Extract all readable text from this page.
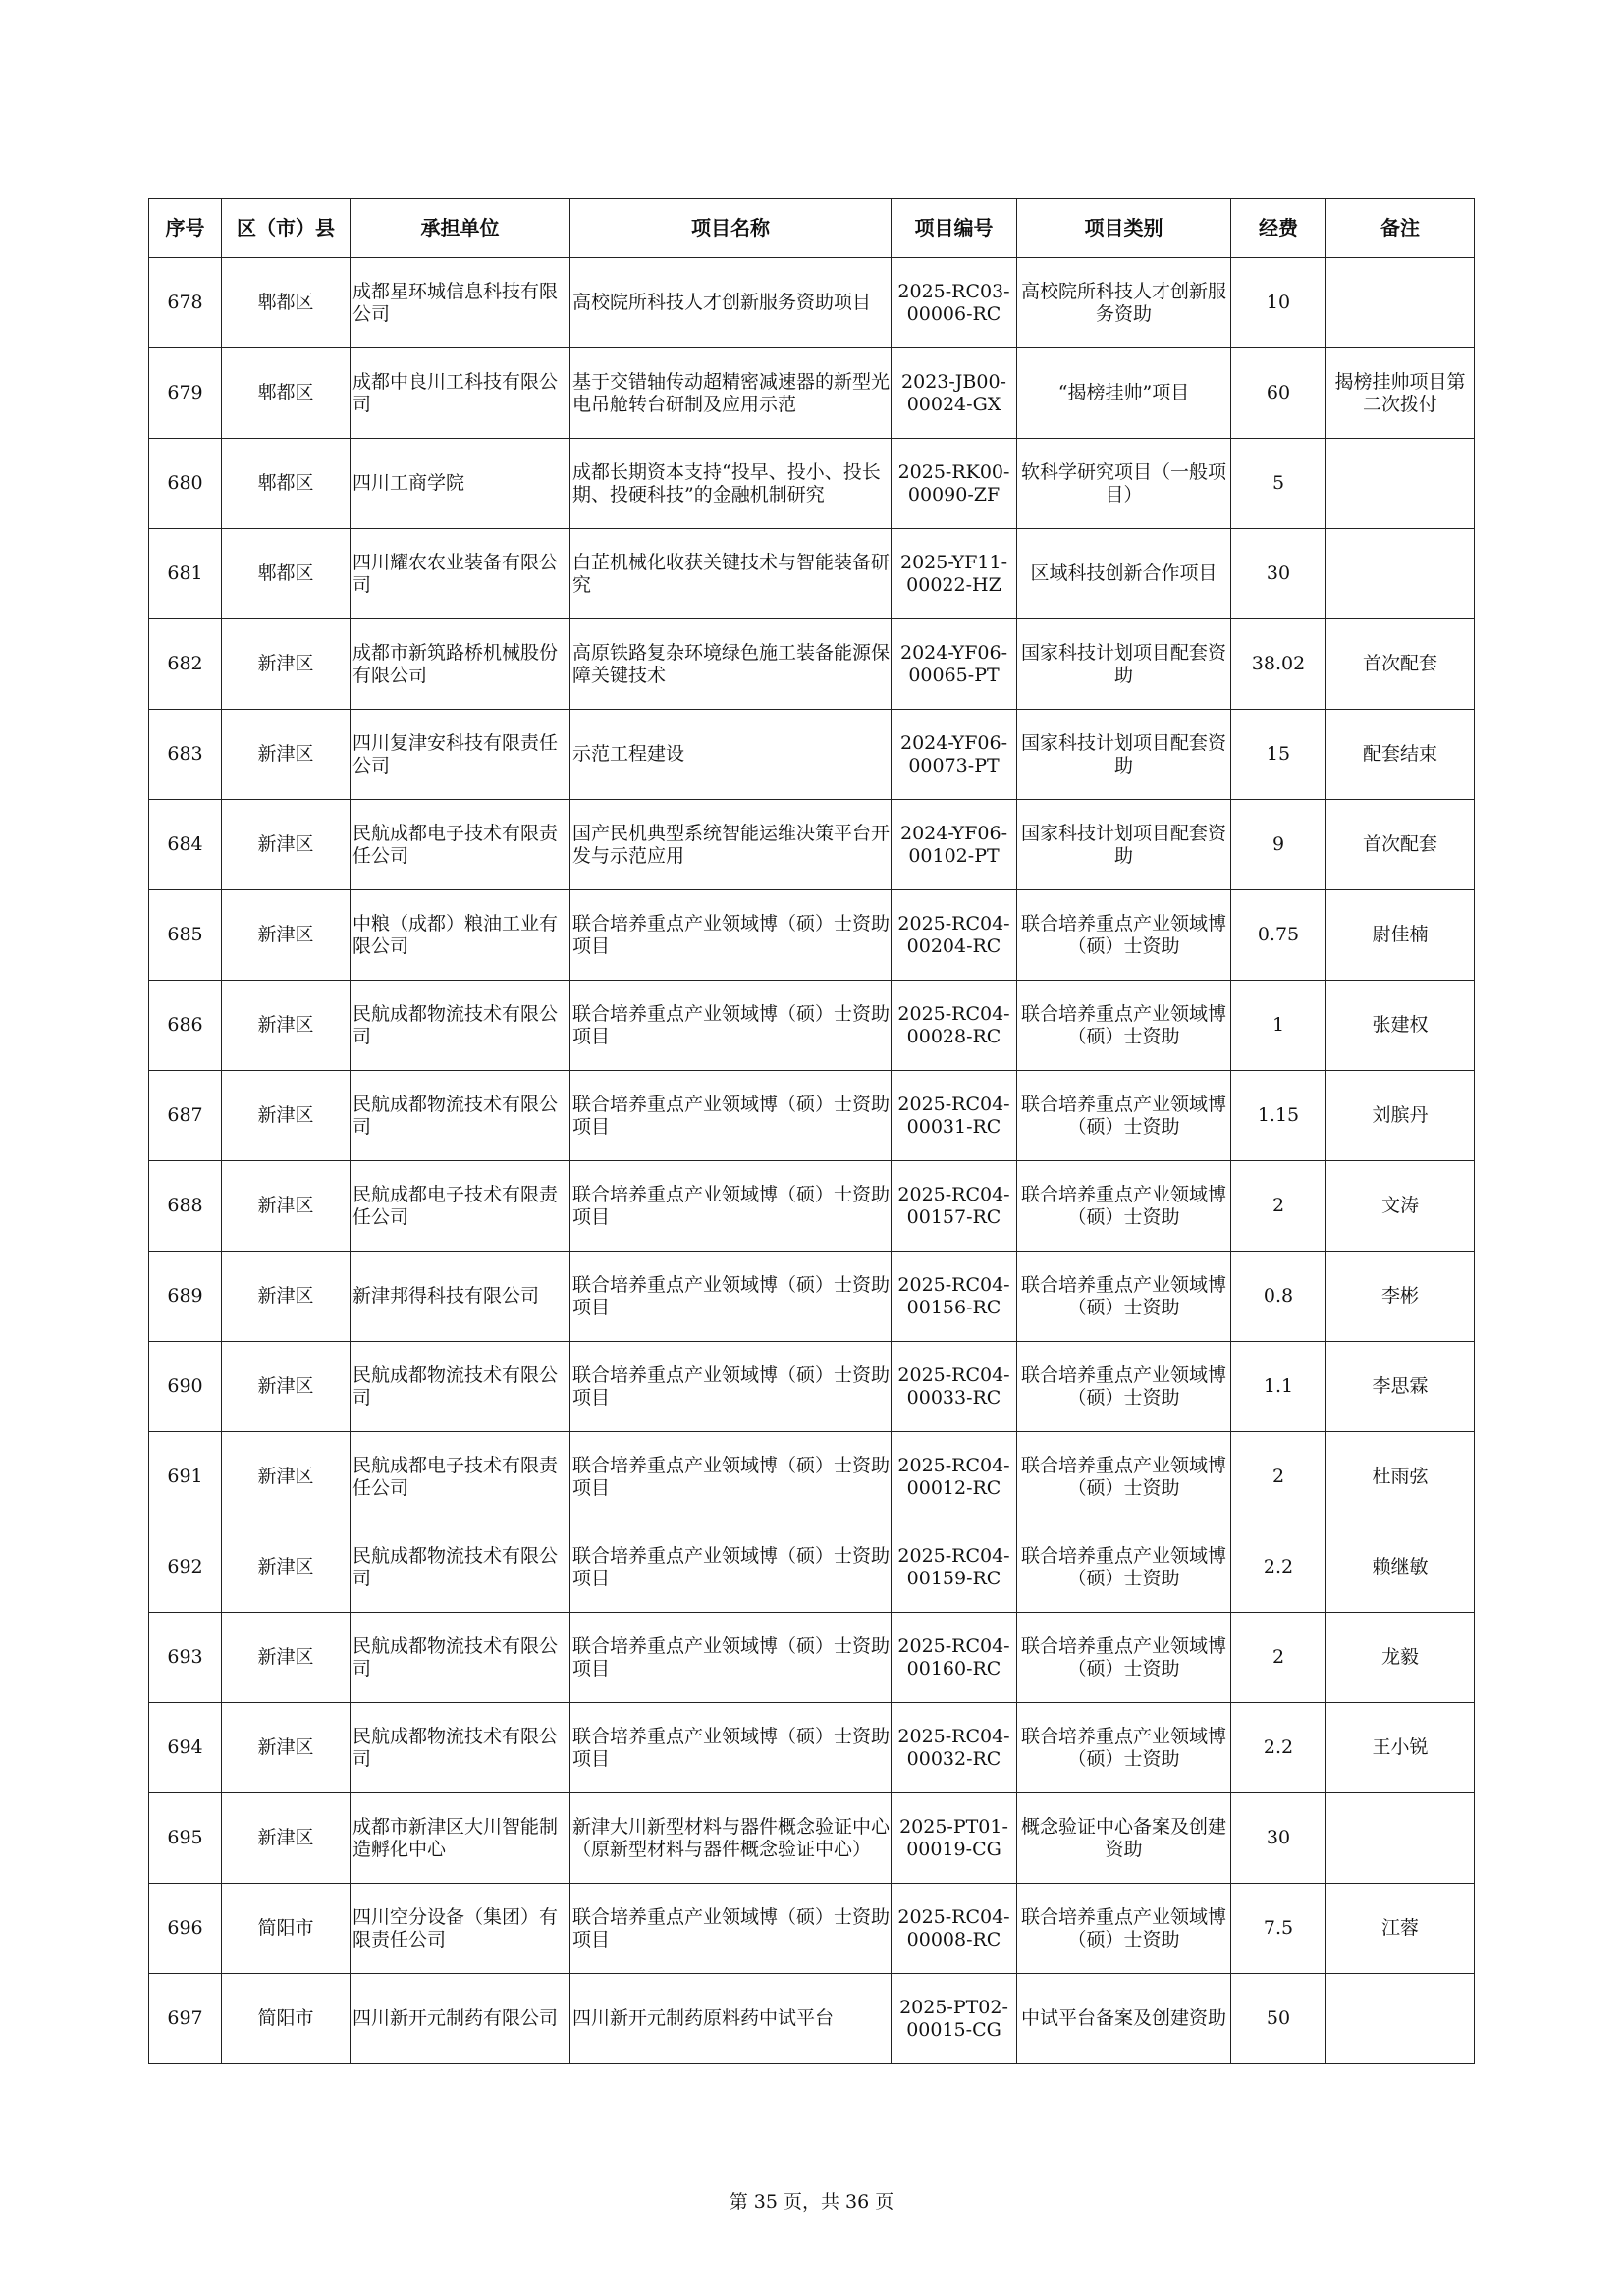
序号	区（市）县	承担单位	项目名称	项目编号	项目类别	经费	备注
678	郫都区	成都星环城信息科技有限公司	高校院所科技人才创新服务资助项目	2025-RC03-00006-RC	高校院所科技人才创新服务资助	10	
679	郫都区	成都中良川工科技有限公司	基于交错轴传动超精密减速器的新型光电吊舱转台研制及应用示范	2023-JB00-00024-GX	“揭榜挂帅”项目	60	揭榜挂帅项目第二次拨付
680	郫都区	四川工商学院	成都长期资本支持“投早、投小、投长期、投硬科技”的金融机制研究	2025-RK00-00090-ZF	软科学研究项目（一般项目）	5	
681	郫都区	四川耀农农业装备有限公司	白芷机械化收获关键技术与智能装备研究	2025-YF11-00022-HZ	区域科技创新合作项目	30	
682	新津区	成都市新筑路桥机械股份有限公司	高原铁路复杂环境绿色施工装备能源保障关键技术	2024-YF06-00065-PT	国家科技计划项目配套资助	38.02	首次配套
683	新津区	四川复津安科技有限责任公司	示范工程建设	2024-YF06-00073-PT	国家科技计划项目配套资助	15	配套结束
684	新津区	民航成都电子技术有限责任公司	国产民机典型系统智能运维决策平台开发与示范应用	2024-YF06-00102-PT	国家科技计划项目配套资助	9	首次配套
685	新津区	中粮（成都）粮油工业有限公司	联合培养重点产业领域博（硕）士资助项目	2025-RC04-00204-RC	联合培养重点产业领域博（硕）士资助	0.75	尉佳楠
686	新津区	民航成都物流技术有限公司	联合培养重点产业领域博（硕）士资助项目	2025-RC04-00028-RC	联合培养重点产业领域博（硕）士资助	1	张建权
687	新津区	民航成都物流技术有限公司	联合培养重点产业领域博（硕）士资助项目	2025-RC04-00031-RC	联合培养重点产业领域博（硕）士资助	1.15	刘膑丹
688	新津区	民航成都电子技术有限责任公司	联合培养重点产业领域博（硕）士资助项目	2025-RC04-00157-RC	联合培养重点产业领域博（硕）士资助	2	文涛
689	新津区	新津邦得科技有限公司	联合培养重点产业领域博（硕）士资助项目	2025-RC04-00156-RC	联合培养重点产业领域博（硕）士资助	0.8	李彬
690	新津区	民航成都物流技术有限公司	联合培养重点产业领域博（硕）士资助项目	2025-RC04-00033-RC	联合培养重点产业领域博（硕）士资助	1.1	李思霖
691	新津区	民航成都电子技术有限责任公司	联合培养重点产业领域博（硕）士资助项目	2025-RC04-00012-RC	联合培养重点产业领域博（硕）士资助	2	杜雨弦
692	新津区	民航成都物流技术有限公司	联合培养重点产业领域博（硕）士资助项目	2025-RC04-00159-RC	联合培养重点产业领域博（硕）士资助	2.2	赖继敏
693	新津区	民航成都物流技术有限公司	联合培养重点产业领域博（硕）士资助项目	2025-RC04-00160-RC	联合培养重点产业领域博（硕）士资助	2	龙毅
694	新津区	民航成都物流技术有限公司	联合培养重点产业领域博（硕）士资助项目	2025-RC04-00032-RC	联合培养重点产业领域博（硕）士资助	2.2	王小锐
695	新津区	成都市新津区大川智能制造孵化中心	新津大川新型材料与器件概念验证中心（原新型材料与器件概念验证中心）	2025-PT01-00019-CG	概念验证中心备案及创建资助	30	
696	简阳市	四川空分设备（集团）有限责任公司	联合培养重点产业领域博（硕）士资助项目	2025-RC04-00008-RC	联合培养重点产业领域博（硕）士资助	7.5	江蓉
697	简阳市	四川新开元制药有限公司	四川新开元制药原料药中试平台	2025-PT02-00015-CG	中试平台备案及创建资助	50	
第 35 页，共 36 页
